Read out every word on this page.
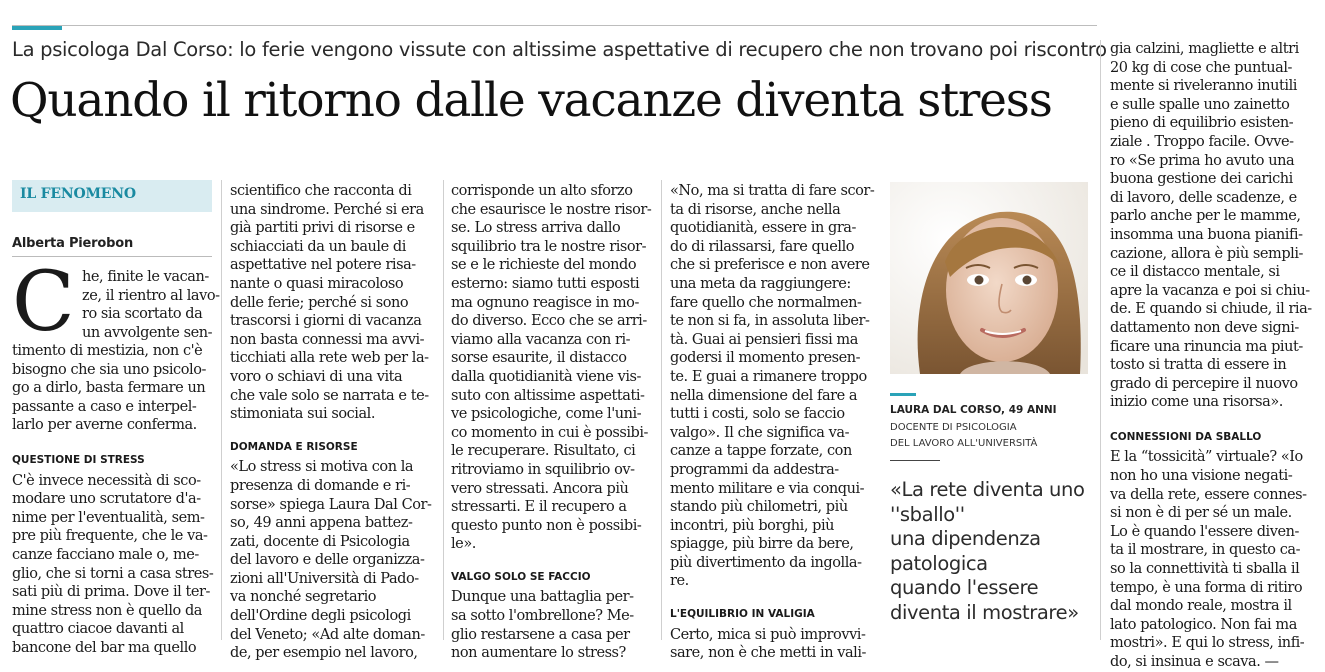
La psicologa Dal Corso: lo ferie vengono vissute con altissime aspettative di recupero che non trovano poi riscontro
Quando il ritorno dalle vacanze diventa stress
IL FENOMENO
Alberta Pierobon
C he, finite le vacan-
ze, il rientro al lavo-
ro sia scortato da
un avvolgente sen-
timento di mestizia, non c'è
bisogno che sia uno psicolo-
go a dirlo, basta fermare un
passante a caso e interpel-
larlo per averne conferma.
QUESTIONE DI STRESS
C'è invece necessità di sco-
modare uno scrutatore d'a-
nime per l'eventualità, sem-
pre più frequente, che le va-
canze facciano male o, me-
glio, che si torni a casa stres-
sati più di prima. Dove il ter-
mine stress non è quello da
quattro ciacoe davanti al
bancone del bar ma quello
scientifico che racconta di
una sindrome. Perché si era
già partiti privi di risorse e
schiacciati da un baule di
aspettative nel potere risa-
nante o quasi miracoloso
delle ferie; perché si sono
trascorsi i giorni di vacanza
non basta connessi ma avvi-
ticchiati alla rete web per la-
voro o schiavi di una vita
che vale solo se narrata e te-
stimoniata sui social.
DOMANDA E RISORSE
«Lo stress si motiva con la
presenza di domande e ri-
sorse» spiega Laura Dal Cor-
so, 49 anni appena battez-
zati, docente di Psicologia
del lavoro e delle organizza-
zioni all'Università di Pado-
va nonché segretario
dell'Ordine degli psicologi
del Veneto; «Ad alte doman-
de, per esempio nel lavoro,
corrisponde un alto sforzo
che esaurisce le nostre risor-
se. Lo stress arriva dallo
squilibrio tra le nostre risor-
se e le richieste del mondo
esterno: siamo tutti esposti
ma ognuno reagisce in mo-
do diverso. Ecco che se arri-
viamo alla vacanza con ri-
sorse esaurite, il distacco
dalla quotidianità viene vis-
suto con altissime aspettati-
ve psicologiche, come l'uni-
co momento in cui è possibi-
le recuperare. Risultato, ci
ritroviamo in squilibrio ov-
vero stressati. Ancora più
stressarti. E il recupero a
questo punto non è possibi-
le».
VALGO SOLO SE FACCIO
Dunque una battaglia per-
sa sotto l'ombrellone? Me-
glio restarsene a casa per
non aumentare lo stress?
«No, ma si tratta di fare scor-
ta di risorse, anche nella
quotidianità, essere in gra-
do di rilassarsi, fare quello
che si preferisce e non avere
una meta da raggiungere:
fare quello che normalmen-
te non si fa, in assoluta liber-
tà. Guai ai pensieri fissi ma
godersi il momento presen-
te. E guai a rimanere troppo
nella dimensione del fare a
tutti i costi, solo se faccio
valgo». Il che significa va-
canze a tappe forzate, con
programmi da addestra-
mento militare e via conqui-
stando più chilometri, più
incontri, più borghi, più
spiagge, più birre da bere,
più divertimento da ingolla-
re.
L'EQUILIBRIO IN VALIGIA
Certo, mica si può improvvi-
sare, non è che metti in vali-
LAURA DAL CORSO, 49 ANNI
DOCENTE DI PSICOLOGIA
DEL LAVORO ALL'UNIVERSITÀ
«La rete diventa uno
''sballo''
una dipendenza
patologica
quando l'essere
diventa il mostrare»
gia calzini, magliette e altri
20 kg di cose che puntual-
mente si riveleranno inutili
e sulle spalle uno zainetto
pieno di equilibrio esisten-
ziale . Troppo facile. Ovve-
ro «Se prima ho avuto una
buona gestione dei carichi
di lavoro, delle scadenze, e
parlo anche per le mamme,
insomma una buona pianifi-
cazione, allora è più sempli-
ce il distacco mentale, si
apre la vacanza e poi si chiu-
de. E quando si chiude, il ria-
dattamento non deve signi-
ficare una rinuncia ma piut-
tosto si tratta di essere in
grado di percepire il nuovo
inizio come una risorsa».
CONNESSIONI DA SBALLO
E la “tossicità” virtuale? «Io
non ho una visione negati-
va della rete, essere connes-
si non è di per sé un male.
Lo è quando l'essere diven-
ta il mostrare, in questo ca-
so la connettività ti sballa il
tempo, è una forma di ritiro
dal mondo reale, mostra il
lato patologico. Non fai ma
mostri». E qui lo stress, infi-
do, si insinua e scava. —
